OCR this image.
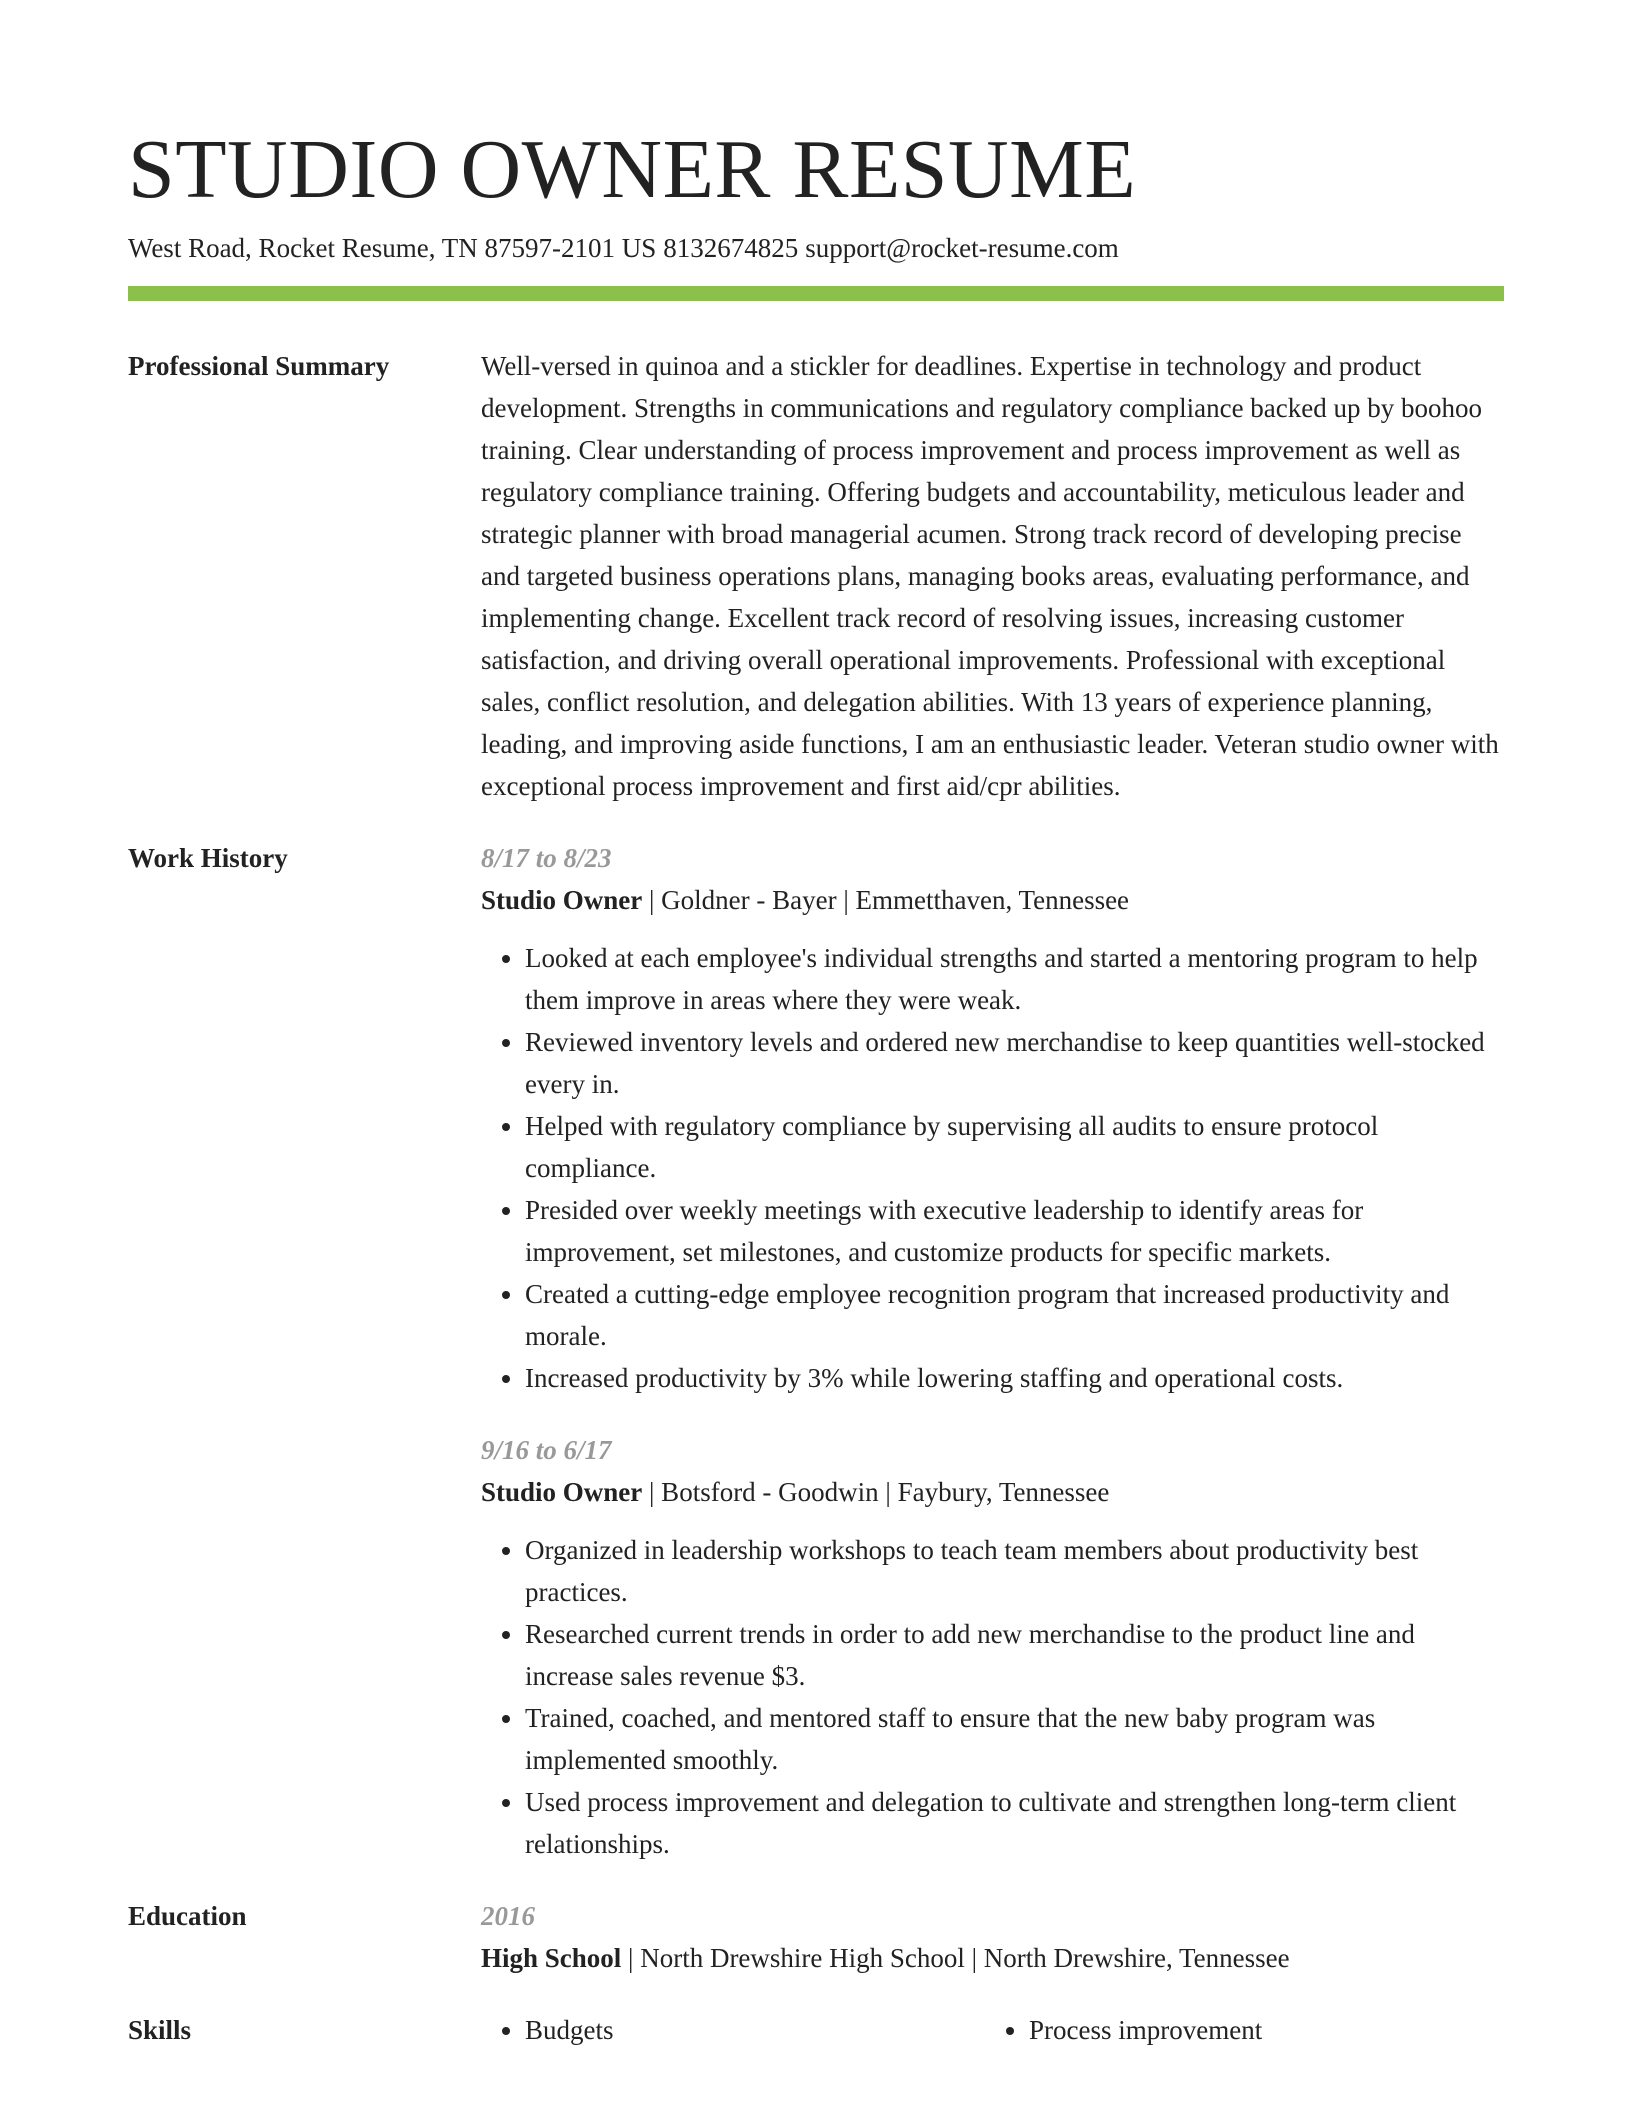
STUDIO OWNER RESUME
West Road, Rocket Resume, TN 87597-2101 US 8132674825 support@rocket-resume.com
Professional Summary	Well-versed in quinoa and a stickler for deadlines. Expertise in technology and product development. Strengths in communications and regulatory compliance backed up by boohoo training. Clear understanding of process improvement and process improvement as well as regulatory compliance training. Offering budgets and accountability, meticulous leader and strategic planner with broad managerial acumen. Strong track record of developing precise and targeted business operations plans, managing books areas, evaluating performance, and implementing change. Excellent track record of resolving issues, increasing customer satisfaction, and driving overall operational improvements. Professional with exceptional sales, conflict resolution, and delegation abilities. With 13 years of experience planning, leading, and improving aside functions, I am an enthusiastic leader. Veteran studio owner with exceptional process improvement and first aid/cpr abilities.

Work History	8/17 to 8/23
Studio Owner | Goldner - Bayer | Emmetthaven, Tennessee
• Looked at each employee's individual strengths and started a mentoring program to help them improve in areas where they were weak.
• Reviewed inventory levels and ordered new merchandise to keep quantities well-stocked every in.
• Helped with regulatory compliance by supervising all audits to ensure protocol compliance.
• Presided over weekly meetings with executive leadership to identify areas for improvement, set milestones, and customize products for specific markets.
• Created a cutting-edge employee recognition program that increased productivity and morale.
• Increased productivity by 3% while lowering staffing and operational costs.
9/16 to 6/17
Studio Owner | Botsford - Goodwin | Faybury, Tennessee
• Organized in leadership workshops to teach team members about productivity best practices.
• Researched current trends in order to add new merchandise to the product line and increase sales revenue $3.
• Trained, coached, and mentored staff to ensure that the new baby program was implemented smoothly.
• Used process improvement and delegation to cultivate and strengthen long-term client relationships.
Education	2016
High School | North Drewshire High School | North Drewshire, Tennessee
Skills	• Budgets	• Process improvement
